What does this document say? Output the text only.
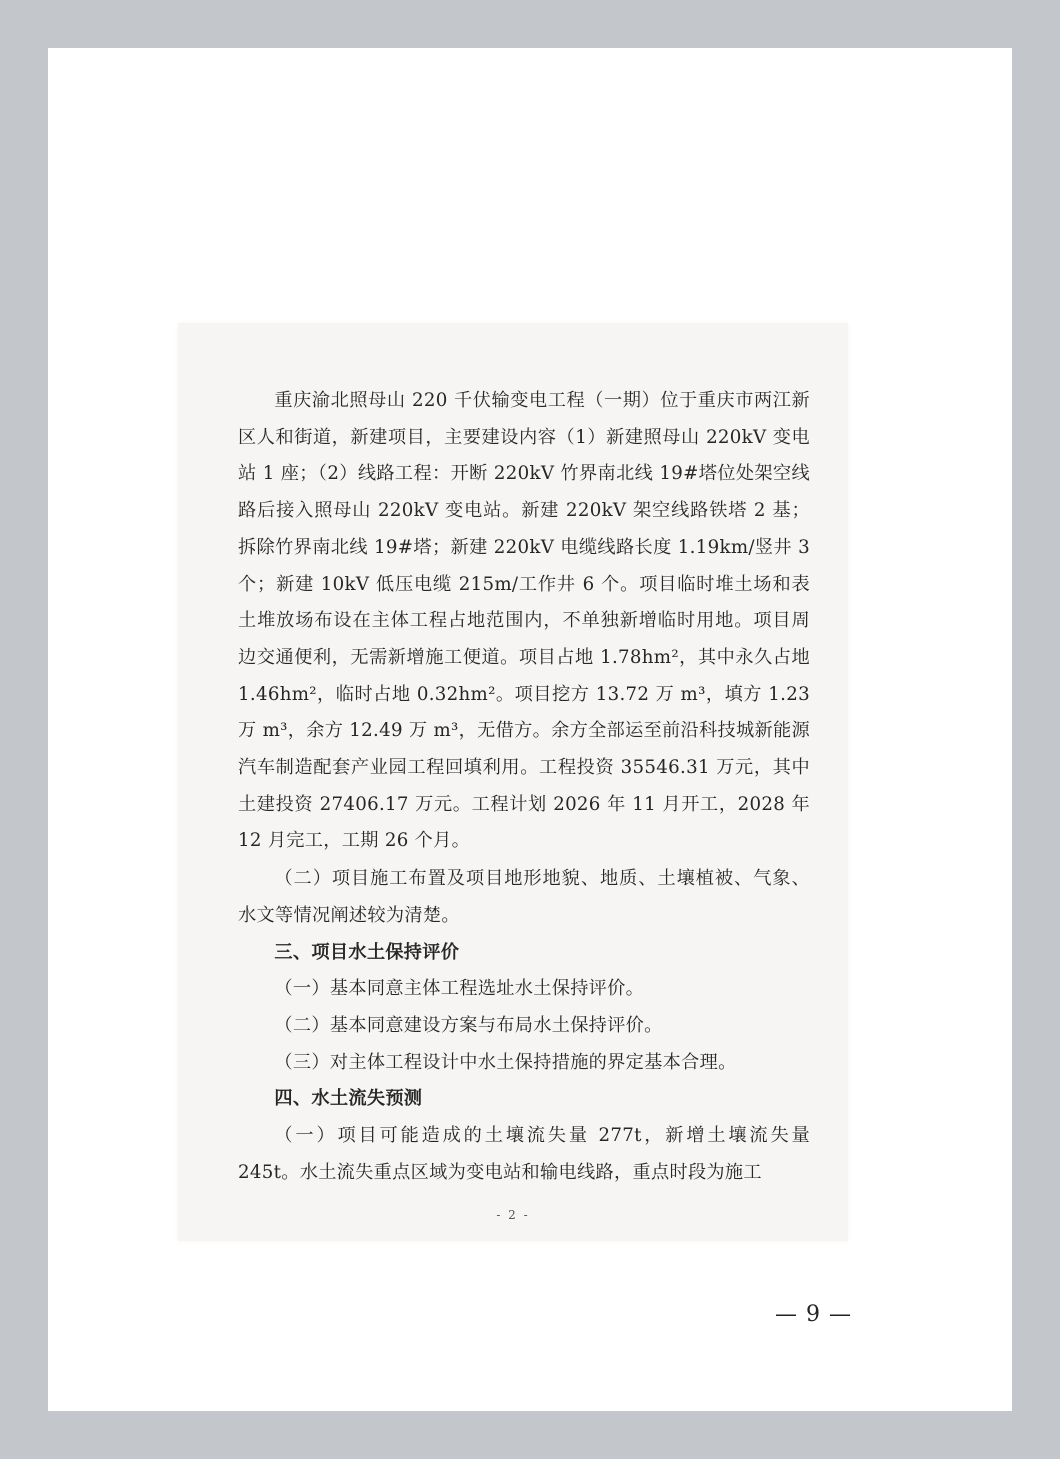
重庆渝北照母山 220 千伏输变电工程（一期）位于重庆市两江新区人和街道，新建项目，主要建设内容（1）新建照母山 220kV 变电站 1 座；（2）线路工程：开断 220kV 竹界南北线 19#塔位处架空线路后接入照母山 220kV 变电站。新建 220kV 架空线路铁塔 2 基；拆除竹界南北线 19#塔；新建 220kV 电缆线路长度 1.19km/竖井 3 个；新建 10kV 低压电缆 215m/工作井 6 个。项目临时堆土场和表土堆放场布设在主体工程占地范围内，不单独新增临时用地。项目周边交通便利，无需新增施工便道。项目占地 1.78hm²，其中永久占地 1.46hm²，临时占地 0.32hm²。项目挖方 13.72 万 m³，填方 1.23 万 m³，余方 12.49 万 m³，无借方。余方全部运至前沿科技城新能源汽车制造配套产业园工程回填利用。工程投资 35546.31 万元，其中土建投资 27406.17 万元。工程计划 2026 年 11 月开工，2028 年 12 月完工，工期 26 个月。

（二）项目施工布置及项目地形地貌、地质、土壤植被、气象、水文等情况阐述较为清楚。

三、项目水土保持评价

（一）基本同意主体工程选址水土保持评价。

（二）基本同意建设方案与布局水土保持评价。

（三）对主体工程设计中水土保持措施的界定基本合理。

四、水土流失预测

（一）项目可能造成的土壤流失量 277t，新增土壤流失量 245t。水土流失重点区域为变电站和输电线路，重点时段为施工

- 2 -
— 9 —
